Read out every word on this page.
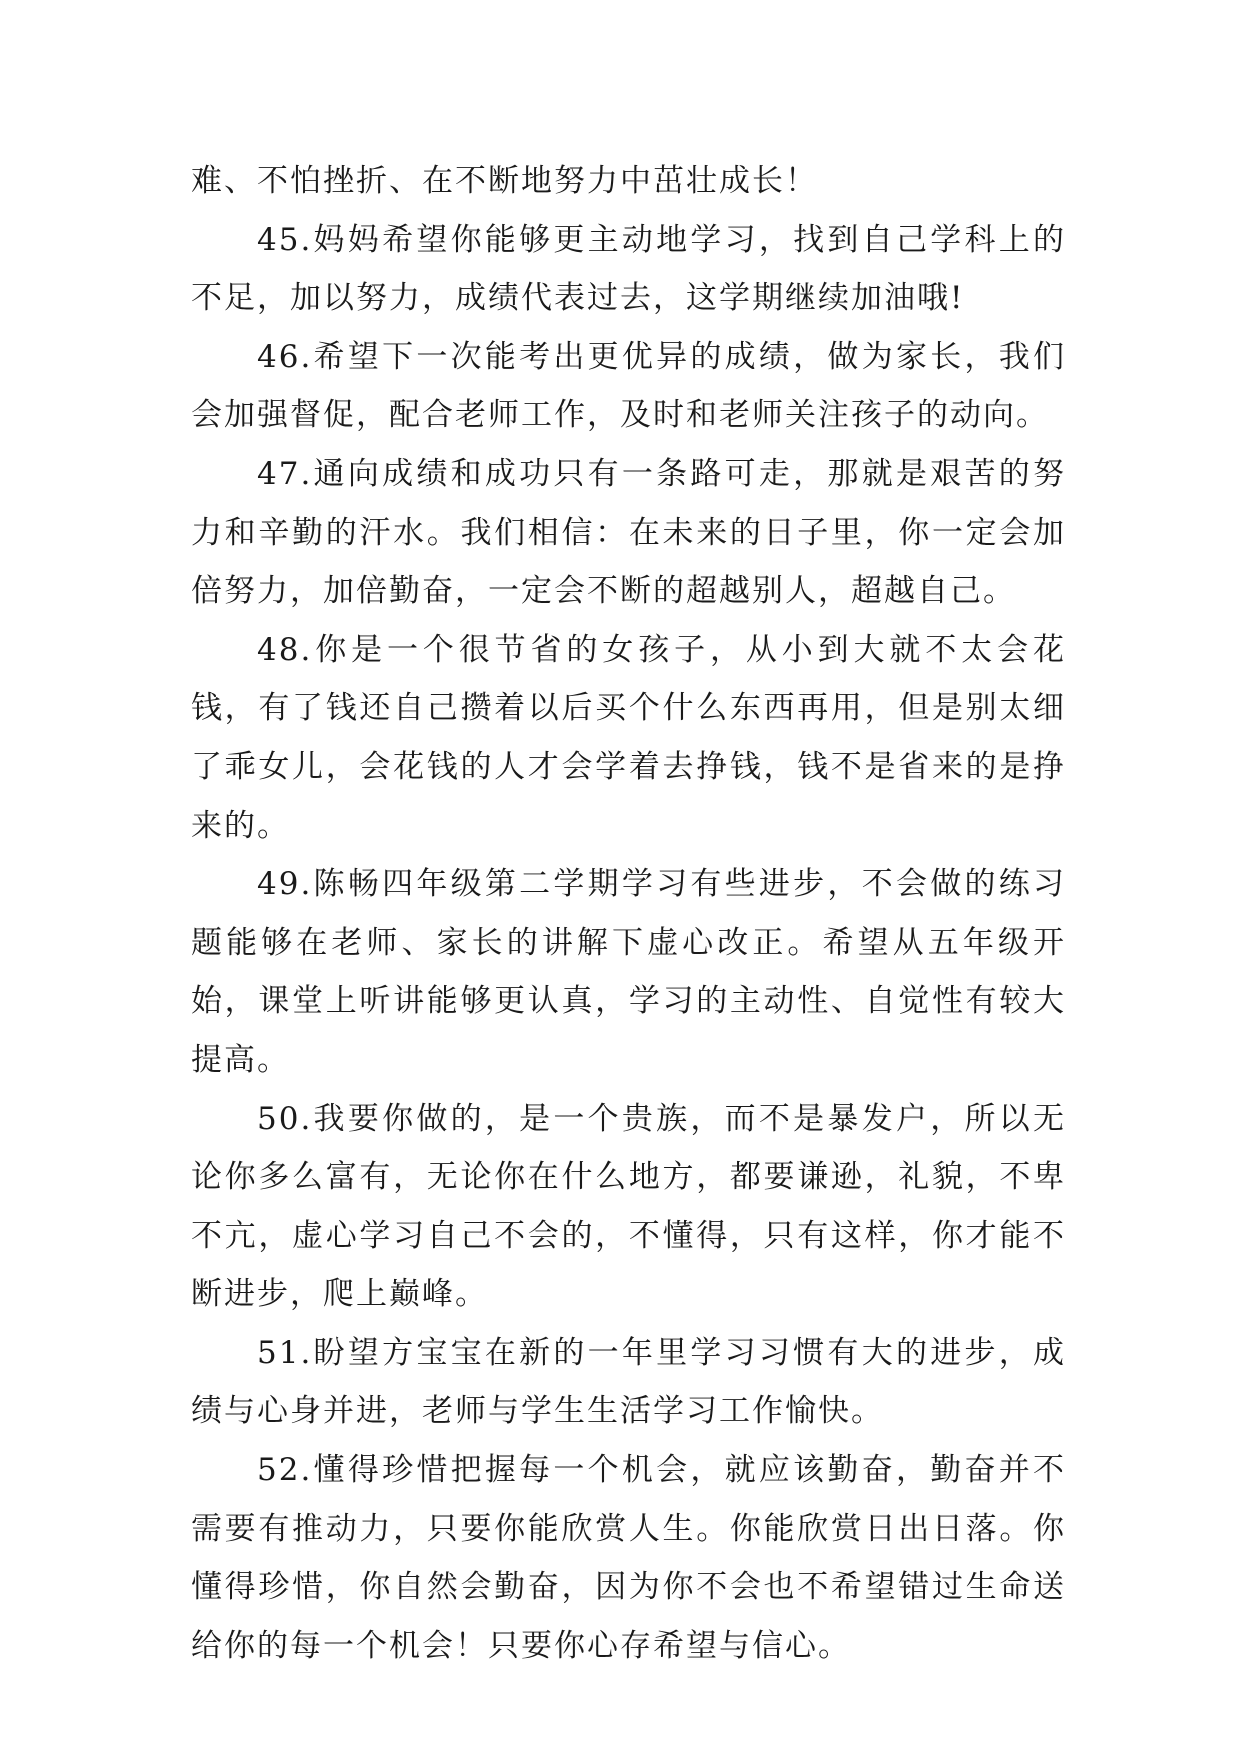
难、不怕挫折、在不断地努力中茁壮成长！

45.妈妈希望你能够更主动地学习，找到自己学科上的不足，加以努力，成绩代表过去，这学期继续加油哦!

46.希望下一次能考出更优异的成绩，做为家长，我们会加强督促，配合老师工作，及时和老师关注孩子的动向。

47.通向成绩和成功只有一条路可走，那就是艰苦的努力和辛勤的汗水。我们相信：在未来的日子里，你一定会加倍努力，加倍勤奋，一定会不断的超越别人，超越自己。

48.你是一个很节省的女孩子，从小到大就不太会花钱，有了钱还自己攒着以后买个什么东西再用，但是别太细了乖女儿，会花钱的人才会学着去挣钱，钱不是省来的是挣来的。

49.陈畅四年级第二学期学习有些进步，不会做的练习题能够在老师、家长的讲解下虚心改正。希望从五年级开始，课堂上听讲能够更认真，学习的主动性、自觉性有较大提高。

50.我要你做的，是一个贵族，而不是暴发户，所以无论你多么富有，无论你在什么地方，都要谦逊，礼貌，不卑不亢，虚心学习自己不会的，不懂得，只有这样，你才能不断进步，爬上巅峰。

51.盼望方宝宝在新的一年里学习习惯有大的进步，成绩与心身并进，老师与学生生活学习工作愉快。

52.懂得珍惜把握每一个机会，就应该勤奋，勤奋并不需要有推动力，只要你能欣赏人生。你能欣赏日出日落。你懂得珍惜，你自然会勤奋，因为你不会也不希望错过生命送给你的每一个机会！只要你心存希望与信心。
